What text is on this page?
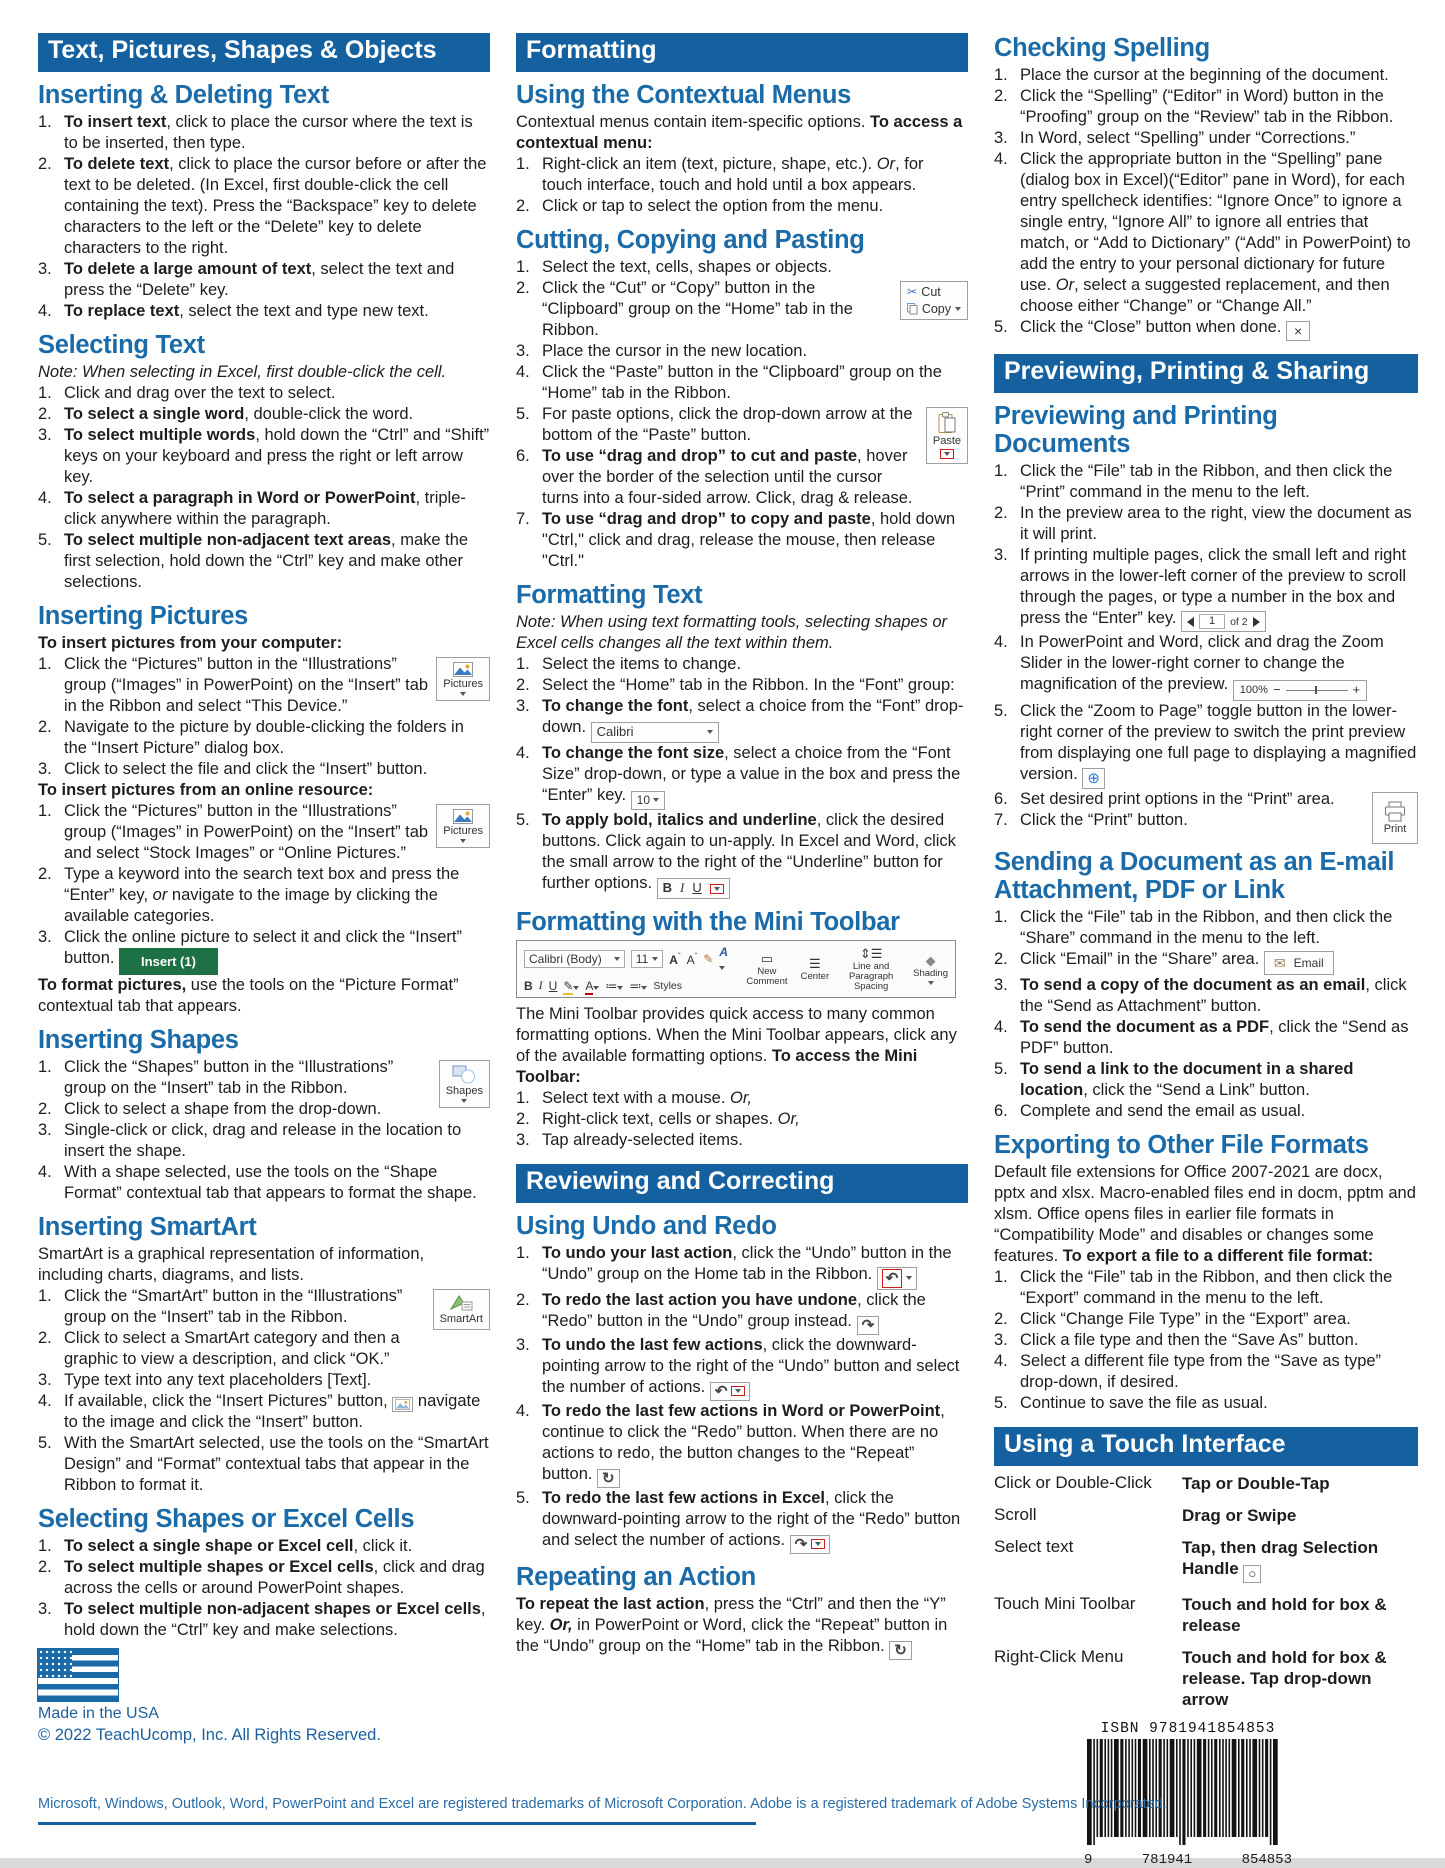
Text, Pictures, Shapes & Objects
Inserting & Deleting Text
1. To insert text, click to place the cursor where the text is to be inserted, then type.
2. To delete text, click to place the cursor before or after the text to be deleted. (In Excel, first double-click the cell containing the text). Press the “Backspace” key to delete characters to the left or the “Delete” key to delete characters to the right.
3. To delete a large amount of text, select the text and press the “Delete” key.
4. To replace text, select the text and type new text.
Selecting Text
Note: When selecting in Excel, first double-click the cell.
1. Click and drag over the text to select.
2. To select a single word, double-click the word.
3. To select multiple words, hold down the “Ctrl” and “Shift” keys on your keyboard and press the right or left arrow key.
4. To select a paragraph in Word or PowerPoint, triple-click anywhere within the paragraph.
5. To select multiple non-adjacent text areas, make the first selection, hold down the “Ctrl” key and make other selections.
Inserting Pictures
To insert pictures from your computer:
1.
Pictures
Click the “Pictures” button in the “Illustrations” group (“Images” in PowerPoint) on the “Insert” tab in the Ribbon and select “This Device.”
2. Navigate to the picture by double-clicking the folders in the “Insert Picture” dialog box.
3. Click to select the file and click the “Insert” button.
To insert pictures from an online resource:
1.
Pictures
Click the “Pictures” button in the “Illustrations” group (“Images” in PowerPoint) on the “Insert” tab and select “Stock Images” or “Online Pictures.”
2. Type a keyword into the search text box and press the “Enter” key, or navigate to the image by clicking the available categories.
3. Click the online picture to select it and click the “Insert” button. Insert (1)
To format pictures, use the tools on the “Picture Format” contextual tab that appears.
Inserting Shapes
1.
Shapes
Click the “Shapes” button in the “Illustrations” group on the “Insert” tab in the Ribbon.
2. Click to select a shape from the drop-down.
3. Single-click or click, drag and release in the location to insert the shape.
4. With a shape selected, use the tools on the “Shape Format” contextual tab that appears to format the shape.
Inserting SmartArt
SmartArt is a graphical representation of information, including charts, diagrams, and lists.
1.
SmartArt
Click the “SmartArt” button in the “Illustrations” group on the “Insert” tab in the Ribbon.
2. Click to select a SmartArt category and then a graphic to view a description, and click “OK.”
3. Type text into any text placeholders [Text].
4. If available, click the “Insert Pictures” button,
navigate to the image and click the “Insert” button.
5. With the SmartArt selected, use the tools on the “SmartArt Design” and “Format” contextual tabs that appear in the Ribbon to format it.
Selecting Shapes or Excel Cells
1. To select a single shape or Excel cell, click it.
2. To select multiple shapes or Excel cells, click and drag across the cells or around PowerPoint shapes.
3. To select multiple non-adjacent shapes or Excel cells, hold down the “Ctrl” key and make selections.
Made in the USA
© 2022 TeachUcomp, Inc. All Rights Reserved.
Formatting
Using the Contextual Menus
Contextual menus contain item-specific options. To access a contextual menu:
1. Right-click an item (text, picture, shape, etc.). Or, for touch interface, touch and hold until a box appears.
2. Click or tap to select the option from the menu.
Cutting, Copying and Pasting
1. Select the text, cells, shapes or objects.
2.	✂ Cut
Copy
Click the “Cut” or “Copy” button in the “Clipboard” group on the “Home” tab in the Ribbon.
3. Place the cursor in the new location.
4. Click the “Paste” button in the “Clipboard” group on the “Home” tab in the Ribbon.
5.
Paste
For paste options, click the drop-down arrow at the bottom of the “Paste” button.
6. To use “drag and drop” to cut and paste, hover over the border of the selection until the cursor turns into a four-sided arrow. Click, drag & release.
7. To use “drag and drop” to copy and paste, hold down "Ctrl," click and drag, release the mouse, then release "Ctrl."
Formatting Text
Note: When using text formatting tools, selecting shapes or Excel cells changes all the text within them.
1. Select the items to change.
2. Select the “Home” tab in the Ribbon. In the “Font” group:
3. To change the font, select a choice from the “Font” drop-down. Calibri
4. To change the font size, select a choice from the “Font Size” drop-down, or type a value in the box and press the “Enter” key. 10
5. To apply bold, italics and underline, click the desired buttons. Click again to un-apply. In Excel and Word, click the small arrow to the right of the “Underline” button for further options. B I U
Formatting with the Mini Toolbar
Calibri (Body)	11 $A^ˆ$ $A^ˇ$ ✎ A
B I U ✎	A	≔	≕	Styles
▭
New Comment
☰
Center
⇕☰
Line and Paragraph Spacing
◆
Shading
The Mini Toolbar provides quick access to many common formatting options. When the Mini Toolbar appears, click any of the available formatting options. To access the Mini Toolbar:
1. Select text with a mouse. Or,
2. Right-click text, cells or shapes. Or,
3. Tap already-selected items.
Reviewing and Correcting
Using Undo and Redo
1. To undo your last action, click the “Undo” button in the “Undo” group on the Home tab in the Ribbon. ↶
2. To redo the last action you have undone, click the “Redo” button in the “Undo” group instead. ↷
3. To undo the last few actions, click the downward-pointing arrow to the right of the “Undo” button and select the number of actions. ↶
4. To redo the last few actions in Word or PowerPoint, continue to click the “Redo” button. When there are no actions to redo, the button changes to the “Repeat” button. ↻
5. To redo the last few actions in Excel, click the downward-pointing arrow to the right of the “Redo” button and select the number of actions. ↷
Repeating an Action
To repeat the last action, press the “Ctrl” and then the “Y” key. Or, in PowerPoint or Word, click the “Repeat” button in the “Undo” group on the “Home” tab in the Ribbon. ↻
Checking Spelling
1. Place the cursor at the beginning of the document.
2. Click the “Spelling” (“Editor” in Word) button in the “Proofing” group on the “Review” tab in the Ribbon.
3. In Word, select “Spelling” under “Corrections.”
4. Click the appropriate button in the “Spelling” pane (dialog box in Excel)(“Editor” pane in Word), for each entry spellcheck identifies: “Ignore Once” to ignore a single entry, “Ignore All” to ignore all entries that match, or “Add to Dictionary” (“Add” in PowerPoint) to add the entry to your personal dictionary for future use. Or, select a suggested replacement, and then choose either “Change” or “Change All.”
5. Click the “Close” button when done. ×
Previewing, Printing & Sharing
Previewing and Printing Documents
1. Click the “File” tab in the Ribbon, and then click the “Print” command in the menu to the left.
2. In the preview area to the right, view the document as it will print.
3. If printing multiple pages, click the small left and right arrows in the lower-left corner of the preview to scroll through the pages, or type a number in the box and press the “Enter” key.	1	of 2
4. In PowerPoint and Word, click and drag the Zoom Slider in the lower-right corner to change the magnification of the preview. 100% −	+
5. Click the “Zoom to Page” toggle button in the lower-right corner of the preview to switch the print preview from displaying one full page to displaying a magnified version. ⊕
6.
Print
Set desired print options in the “Print” area.
7. Click the “Print” button.
Sending a Document as an E-mail Attachment, PDF or Link
1. Click the “File” tab in the Ribbon, and then click the “Share” command in the menu to the left.
2. Click “Email” in the “Share” area. ✉ Email
3. To send a copy of the document as an email, click the “Send as Attachment” button.
4. To send the document as a PDF, click the “Send as PDF” button.
5. To send a link to the document in a shared location, click the “Send a Link” button.
6. Complete and send the email as usual.
Exporting to Other File Formats
Default file extensions for Office 2007-2021 are docx, pptx and xlsx. Macro-enabled files end in docm, pptm and xlsm. Office opens files in earlier file formats in “Compatibility Mode” and disables or changes some features. To export a file to a different file format:
1. Click the “File” tab in the Ribbon, and then click the “Export” command in the menu to the left.
2. Click “Change File Type” in the “Export” area.
3. Click a file type and then the “Save As” button.
4. Select a different file type from the “Save as type” drop-down, if desired.
5. Continue to save the file as usual.
Using a Touch Interface
Click or Double-Click	Tap or Double-Tap
Scroll	Drag or Swipe
Select text	Tap, then drag Selection Handle ○
Touch Mini Toolbar	Touch and hold for box & release
Right-Click Menu	Touch and hold for box & release. Tap drop-down arrow
ISBN 9781941854853
9	781941	854853
Microsoft, Windows, Outlook, Word, PowerPoint and Excel are registered trademarks of Microsoft Corporation. Adobe is a registered trademark of Adobe Systems Incorporated.
